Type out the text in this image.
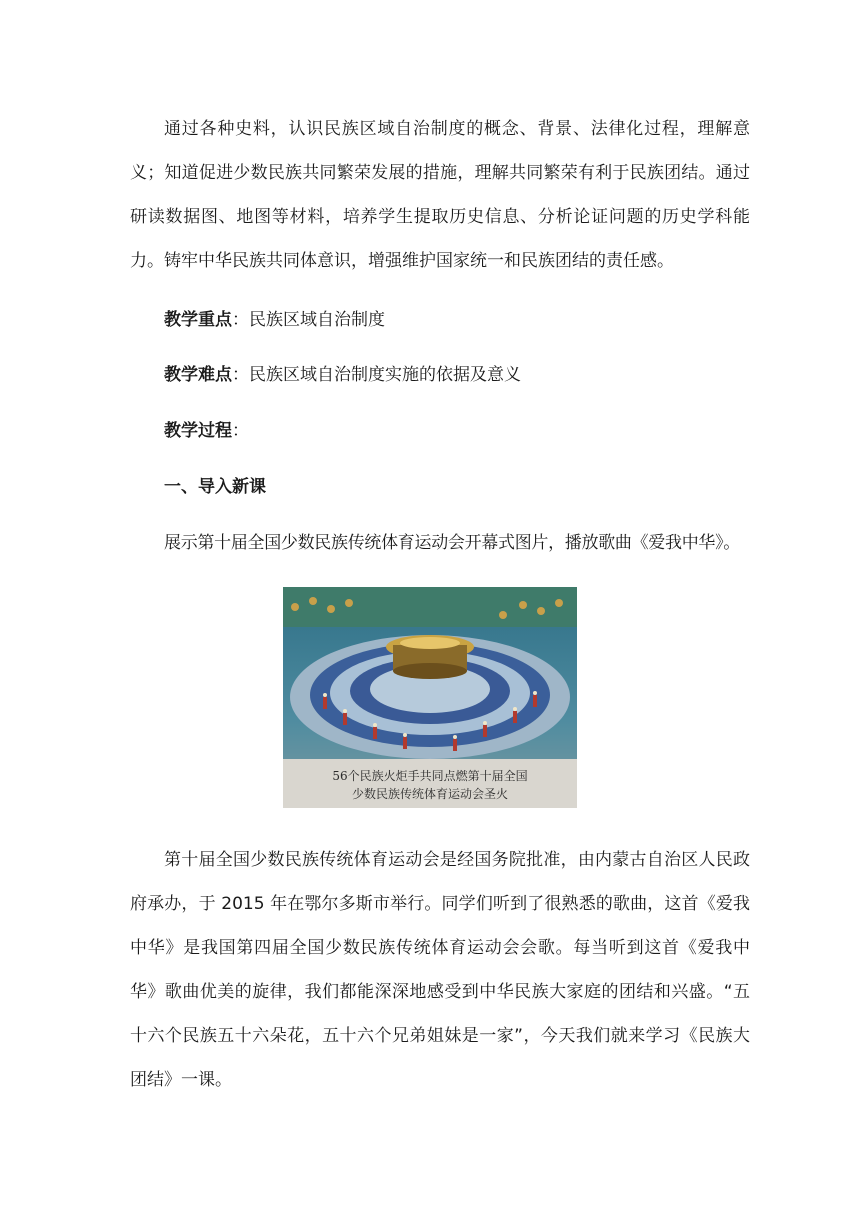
通过各种史料，认识民族区域自治制度的概念、背景、法律化过程，理解意义；知道促进少数民族共同繁荣发展的措施，理解共同繁荣有利于民族团结。通过研读数据图、地图等材料，培养学生提取历史信息、分析论证问题的历史学科能力。铸牢中华民族共同体意识，增强维护国家统一和民族团结的责任感。

教学重点：民族区域自治制度

教学难点：民族区域自治制度实施的依据及意义

教学过程：

一、导入新课

展示第十届全国少数民族传统体育运动会开幕式图片，播放歌曲《爱我中华》。

56个民族火炬手共同点燃第十届全国
少数民族传统体育运动会圣火

第十届全国少数民族传统体育运动会是经国务院批准，由内蒙古自治区人民政府承办，于 2015 年在鄂尔多斯市举行。同学们听到了很熟悉的歌曲，这首《爱我中华》是我国第四届全国少数民族传统体育运动会会歌。每当听到这首《爱我中华》歌曲优美的旋律，我们都能深深地感受到中华民族大家庭的团结和兴盛。“五十六个民族五十六朵花，五十六个兄弟姐妹是一家”，今天我们就来学习《民族大团结》一课。
